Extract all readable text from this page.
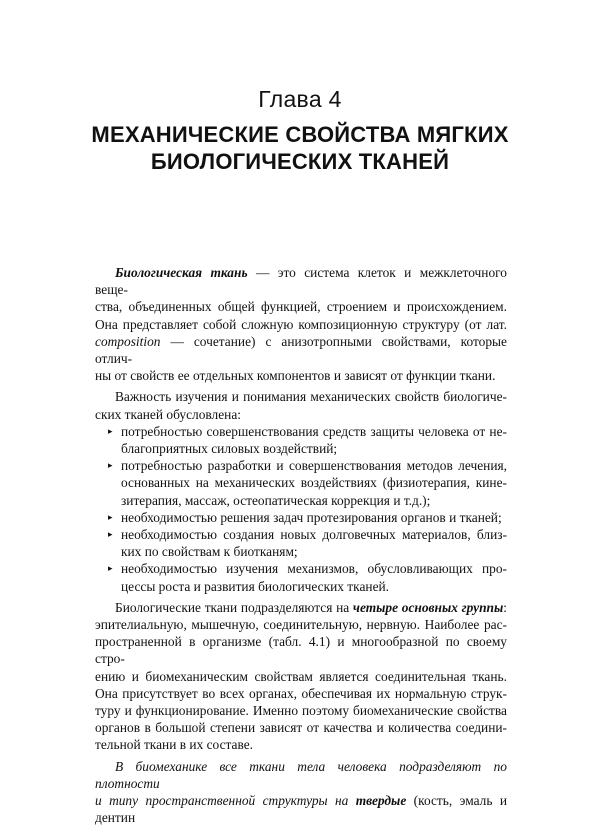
Глава 4
МЕХАНИЧЕСКИЕ СВОЙСТВА МЯГКИХ
БИОЛОГИЧЕСКИХ ТКАНЕЙ

Биологическая ткань — это система клеток и межклеточного веще-
ства, объединенных общей функцией, строением и происхождением.
Она представляет собой сложную композиционную структуру (от лат.
composition — сочетание) с анизотропными свойствами, которые отлич-
ны от свойств ее отдельных компонентов и зависят от функции ткани.

Важность изучения и понимания механических свойств биологиче-
ских тканей обусловлена:

▸ потребностью совершенствования средств защиты человека от не-
благоприятных силовых воздействий;
▸ потребностью разработки и совершенствования методов лечения,
основанных на механических воздействиях (физиотерапия, кине-
зитерапия, массаж, остеопатическая коррекция и т.д.);
▸ необходимостью решения задач протезирования органов и тканей;
▸ необходимостью создания новых долговечных материалов, близ-
ких по свойствам к биотканям;
▸ необходимостью изучения механизмов, обусловливающих про-
цессы роста и развития биологических тканей.

Биологические ткани подразделяются на четыре основных группы:
эпителиальную, мышечную, соединительную, нервную. Наиболее рас-
пространенной в организме (табл. 4.1) и многообразной по своему стро-
ению и биомеханическим свойствам является соединительная ткань.
Она присутствует во всех органах, обеспечивая их нормальную струк-
туру и функционирование. Именно поэтому биомеханические свойства
органов в большой степени зависят от качества и количества соедини-
тельной ткани в их составе.

В биомеханике все ткани тела человека подразделяют по плотности
и типу пространственной структуры на твердые (кость, эмаль и дентин
